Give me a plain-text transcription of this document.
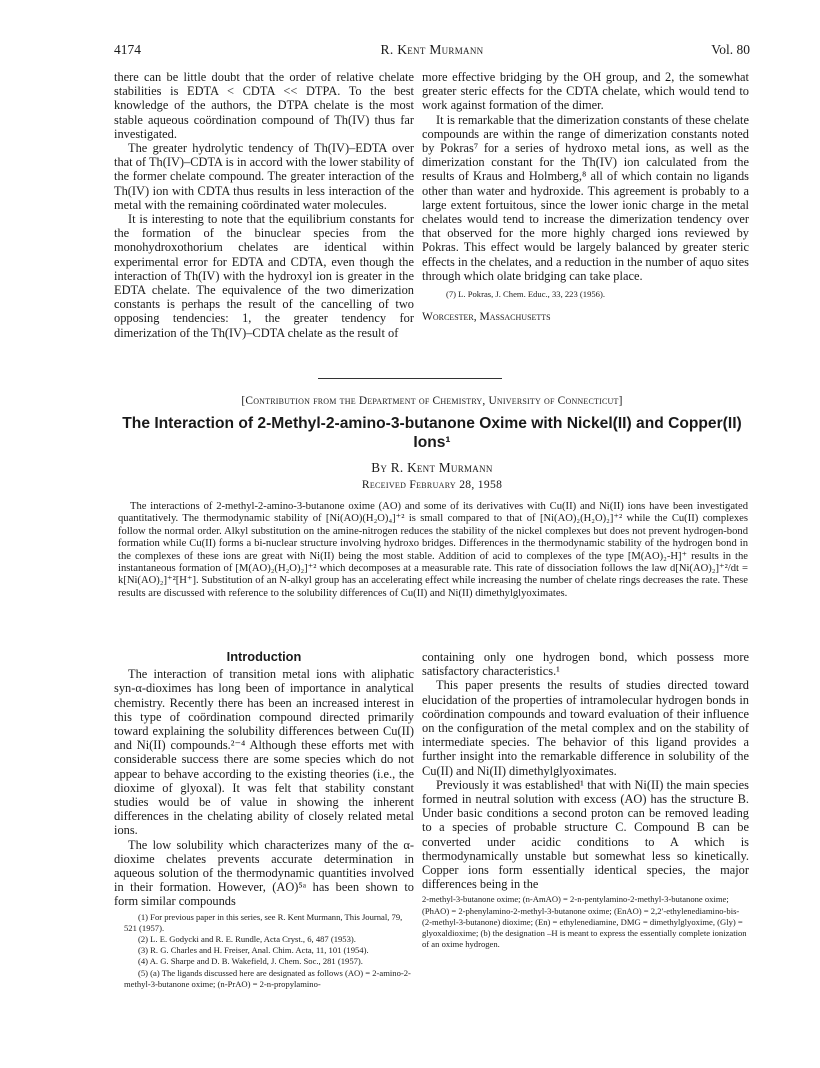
4174	R. Kent Murmann	Vol. 80

there can be little doubt that the order of relative chelate stabilities is EDTA < CDTA << DTPA. To the best knowledge of the authors, the DTPA chelate is the most stable aqueous coördination compound of Th(IV) thus far investigated.

The greater hydrolytic tendency of Th(IV)–EDTA over that of Th(IV)–CDTA is in accord with the lower stability of the former chelate compound. The greater interaction of the Th(IV) ion with CDTA thus results in less interaction of the metal with the remaining coördinated water molecules.

It is interesting to note that the equilibrium constants for the formation of the binuclear species from the monohydroxothorium chelates are identical within experimental error for EDTA and CDTA, even though the interaction of Th(IV) with the hydroxyl ion is greater in the EDTA chelate. The equivalence of the two dimerization constants is perhaps the result of the cancelling of two opposing tendencies: 1, the greater tendency for dimerization of the Th(IV)–CDTA chelate as the result of

more effective bridging by the OH group, and 2, the somewhat greater steric effects for the CDTA chelate, which would tend to work against formation of the dimer.

It is remarkable that the dimerization constants of these chelate compounds are within the range of dimerization constants noted by Pokras⁷ for a series of hydroxo metal ions, as well as the dimerization constant for the Th(IV) ion calculated from the results of Kraus and Holmberg,⁸ all of which contain no ligands other than water and hydroxide. This agreement is probably to a large extent fortuitous, since the lower ionic charge in the metal chelates would tend to increase the dimerization tendency over that observed for the more highly charged ions reviewed by Pokras. This effect would be largely balanced by greater steric effects in the chelates, and a reduction in the number of aquo sites through which olate bridging can take place.

(7) L. Pokras, J. Chem. Educ., 33, 223 (1956).

Worcester, Massachusetts
[Contribution from the Department of Chemistry, University of Connecticut]
The Interaction of 2-Methyl-2-amino-3-butanone Oxime with Nickel(II) and Copper(II) Ions¹
By R. Kent Murmann
Received February 28, 1958
The interactions of 2-methyl-2-amino-3-butanone oxime (AO) and some of its derivatives with Cu(II) and Ni(II) ions have been investigated quantitatively. The thermodynamic stability of [Ni(AO)(H₂O)₄]⁺² is small compared to that of [Ni(AO)₂(H₂O)₂]⁺² while the Cu(II) complexes follow the normal order. Alkyl substitution on the amine-nitrogen reduces the stability of the nickel complexes but does not prevent hydrogen-bond formation while Cu(II) forms a bi-nuclear structure involving hydroxo bridges. Differences in the thermodynamic stability of the hydrogen bond in the complexes of these ions are great with Ni(II) being the most stable. Addition of acid to complexes of the type [M(AO)₂-H]⁺ results in the instantaneous formation of [M(AO)₂(H₂O)₂]⁺² which decomposes at a measurable rate. This rate of dissociation follows the law d[Ni(AO)₂]⁺²/dt = k[Ni(AO)₂]⁺²[H⁺]. Substitution of an N-alkyl group has an accelerating effect while increasing the number of chelate rings decreases the rate. These results are discussed with reference to the solubility differences of Cu(II) and Ni(II) dimethylglyoximates.
Introduction

The interaction of transition metal ions with aliphatic syn-α-dioximes has long been of importance in analytical chemistry. Recently there has been an increased interest in this type of coördination compound directed primarily toward explaining the solubility differences between Cu(II) and Ni(II) compounds.²⁻⁴ Although these efforts met with considerable success there are some species which do not appear to behave according to the existing theories (i.e., the dioxime of glyoxal). It was felt that stability constant studies would be of value in showing the inherent differences in the chelating ability of closely related metal ions.

The low solubility which characterizes many of the α-dioxime chelates prevents accurate determination in aqueous solution of the thermodynamic quantities involved in their formation. However, (AO)⁵ᵃ has been shown to form similar compounds

(1) For previous paper in this series, see R. Kent Murmann, This Journal, 79, 521 (1957).

(2) L. E. Godycki and R. E. Rundle, Acta Cryst., 6, 487 (1953).

(3) R. G. Charles and H. Freiser, Anal. Chim. Acta, 11, 101 (1954).

(4) A. G. Sharpe and D. B. Wakefield, J. Chem. Soc., 281 (1957).

(5) (a) The ligands discussed here are designated as follows (AO) = 2-amino-2-methyl-3-butanone oxime; (n-PrAO) = 2-n-propylamino-

containing only one hydrogen bond, which possess more satisfactory characteristics.¹

This paper presents the results of studies directed toward elucidation of the properties of intramolecular hydrogen bonds in coördination compounds and toward evaluation of their influence on the configuration of the metal complex and on the stability of intermediate species. The behavior of this ligand provides a further insight into the remarkable difference in solubility of the Cu(II) and Ni(II) dimethylglyoximates.

Previously it was established¹ that with Ni(II) the main species formed in neutral solution with excess (AO) has the structure B. Under basic conditions a second proton can be removed leading to a species of probable structure C. Compound B can be converted under acidic conditions to A which is thermodynamically unstable but somewhat less so kinetically. Copper ions form essentially identical species, the major differences being in the

2-methyl-3-butanone oxime; (n-AmAO) = 2-n-pentylamino-2-methyl-3-butanone oxime; (PhAO) = 2-phenylamino-2-methyl-3-butanone oxime; (EnAO) = 2,2′-ethylenediamino-bis-(2-methyl-3-butanone) dioxime; (En) = ethylenediamine, DMG = dimethylglyoxime, (Gly) = glyoxaldioxime; (b) the designation –H is meant to express the essentially complete ionization of an oxime hydrogen.
